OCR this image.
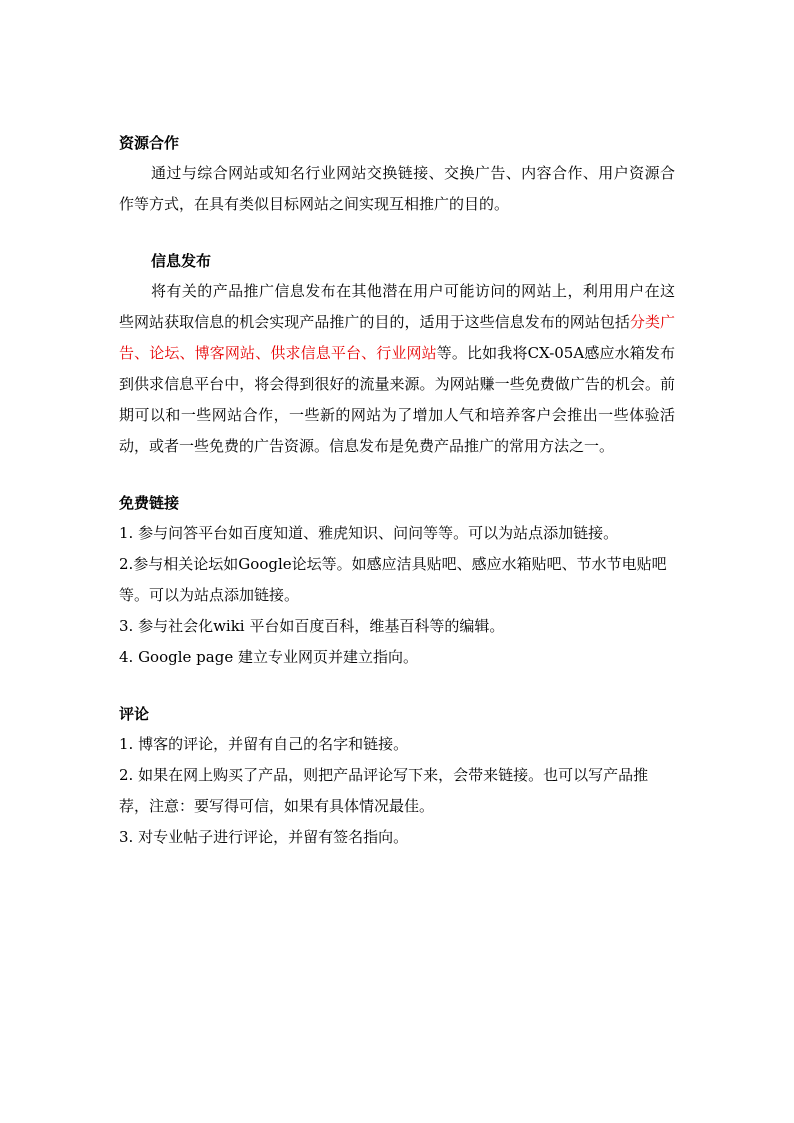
资源合作

通过与综合网站或知名行业网站交换链接、交换广告、内容合作、用户资源合作等方式，在具有类似目标网站之间实现互相推广的目的。

信息发布

将有关的产品推广信息发布在其他潜在用户可能访问的网站上，利用用户在这些网站获取信息的机会实现产品推广的目的，适用于这些信息发布的网站包括分类广告、论坛、博客网站、供求信息平台、行业网站等。比如我将CX-05A感应水箱发布到供求信息平台中，将会得到很好的流量来源。为网站赚一些免费做广告的机会。前期可以和一些网站合作，一些新的网站为了增加人气和培养客户会推出一些体验活动，或者一些免费的广告资源。信息发布是免费产品推广的常用方法之一。

免费链接

1. 参与问答平台如百度知道、雅虎知识、问问等等。可以为站点添加链接。

2.参与相关论坛如Google论坛等。如感应洁具贴吧、感应水箱贴吧、节水节电贴吧等。可以为站点添加链接。

3. 参与社会化wiki 平台如百度百科，维基百科等的编辑。

4. Google page 建立专业网页并建立指向。

评论

1. 博客的评论，并留有自己的名字和链接。

2. 如果在网上购买了产品，则把产品评论写下来，会带来链接。也可以写产品推荐，注意：要写得可信，如果有具体情况最佳。

3. 对专业帖子进行评论，并留有签名指向。
